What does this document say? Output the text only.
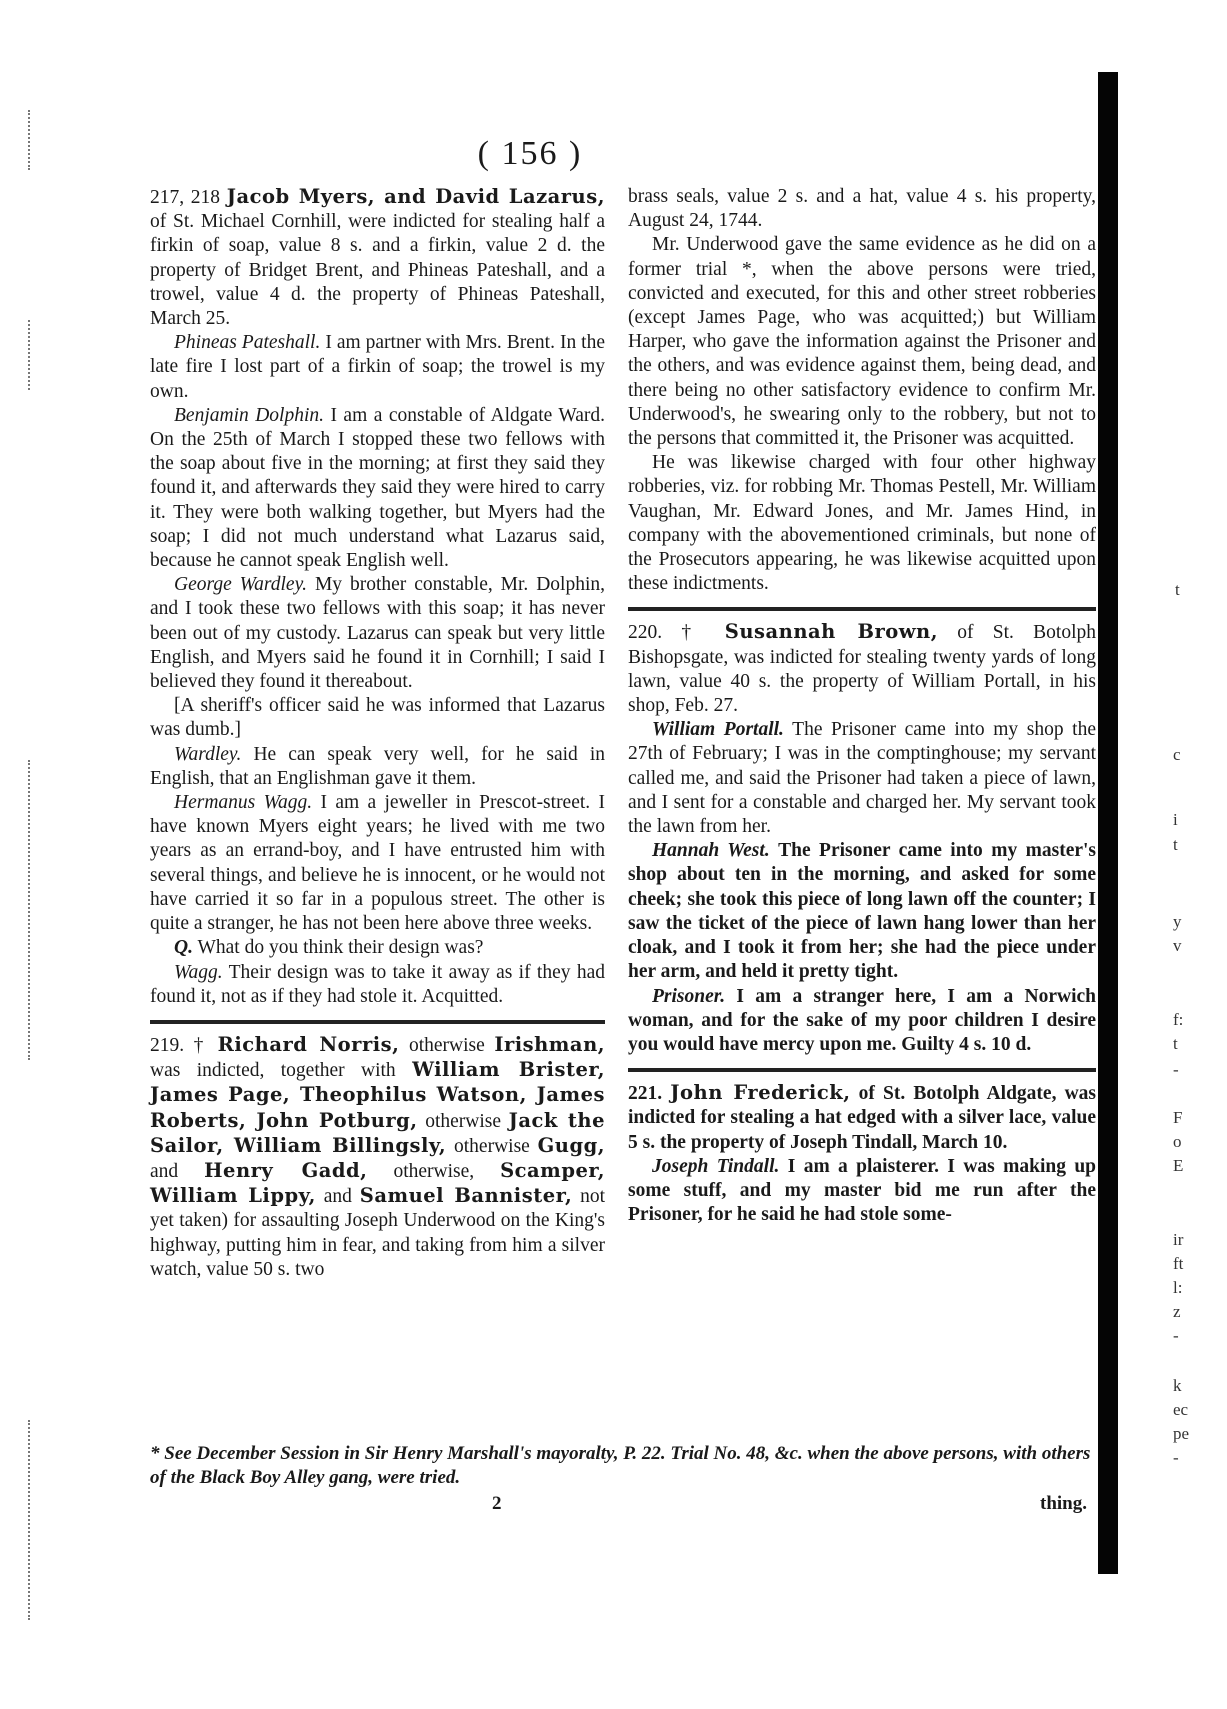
( 156 )

217, 218 Jacob Myers, and David Lazarus, of St. Michael Cornhill, were indicted for stealing half a firkin of soap, value 8 s. and a firkin, value 2 d. the property of Bridget Brent, and Phineas Pateshall, and a trowel, value 4 d. the property of Phineas Pateshall, March 25.

Phineas Pateshall. I am partner with Mrs. Brent. In the late fire I lost part of a firkin of soap; the trowel is my own.

Benjamin Dolphin. I am a constable of Aldgate Ward. On the 25th of March I stopped these two fellows with the soap about five in the morning; at first they said they found it, and afterwards they said they were hired to carry it. They were both walking together, but Myers had the soap; I did not much understand what Lazarus said, because he cannot speak English well.

George Wardley. My brother constable, Mr. Dolphin, and I took these two fellows with this soap; it has never been out of my custody. Lazarus can speak but very little English, and Myers said he found it in Cornhill; I said I believed they found it thereabout.

[A sheriff's officer said he was informed that Lazarus was dumb.]

Wardley. He can speak very well, for he said in English, that an Englishman gave it them.

Hermanus Wagg. I am a jeweller in Prescot-street. I have known Myers eight years; he lived with me two years as an errand-boy, and I have entrusted him with several things, and believe he is innocent, or he would not have carried it so far in a populous street. The other is quite a stranger, he has not been here above three weeks.

Q. What do you think their design was?

Wagg. Their design was to take it away as if they had found it, not as if they had stole it. Acquitted.

219. † Richard Norris, otherwise Irishman, was indicted, together with William Brister, James Page, Theophilus Watson, James Roberts, John Potburg, otherwise Jack the Sailor, William Billingsly, otherwise Gugg, and Henry Gadd, otherwise, Scamper, William Lippy, and Samuel Bannister, not yet taken) for assaulting Joseph Underwood on the King's highway, putting him in fear, and taking from him a silver watch, value 50 s. two

brass seals, value 2 s. and a hat, value 4 s. his property, August 24, 1744.

Mr. Underwood gave the same evidence as he did on a former trial *, when the above persons were tried, convicted and executed, for this and other street robberies (except James Page, who was acquitted;) but William Harper, who gave the information against the Prisoner and the others, and was evidence against them, being dead, and there being no other satisfactory evidence to confirm Mr. Underwood's, he swearing only to the robbery, but not to the persons that committed it, the Prisoner was acquitted.

He was likewise charged with four other highway robberies, viz. for robbing Mr. Thomas Pestell, Mr. William Vaughan, Mr. Edward Jones, and Mr. James Hind, in company with the abovementioned criminals, but none of the Prosecutors appearing, he was likewise acquitted upon these indictments.

220. † Susannah Brown, of St. Botolph Bishopsgate, was indicted for stealing twenty yards of long lawn, value 40 s. the property of William Portall, in his shop, Feb. 27.

William Portall. The Prisoner came into my shop the 27th of February; I was in the comptinghouse; my servant called me, and said the Prisoner had taken a piece of lawn, and I sent for a constable and charged her. My servant took the lawn from her.

Hannah West. The Prisoner came into my master's shop about ten in the morning, and asked for some cheek; she took this piece of long lawn off the counter; I saw the ticket of the piece of lawn hang lower than her cloak, and I took it from her; she had the piece under her arm, and held it pretty tight.

Prisoner. I am a stranger here, I am a Norwich woman, and for the sake of my poor children I desire you would have mercy upon me. Guilty 4 s. 10 d.

221. John Frederick, of St. Botolph Aldgate, was indicted for stealing a hat edged with a silver lace, value 5 s. the property of Joseph Tindall, March 10.

Joseph Tindall. I am a plaisterer. I was making up some stuff, and my master bid me run after the Prisoner, for he said he had stole some-

* See December Session in Sir Henry Marshall's mayoralty, P. 22. Trial No. 48, &c. when the above persons, with others of the Black Boy Alley gang, were tried.
2	thing.
t
c
i
t
y
v
f:
t
-
F
o
E
ir
ft
l:
z
-
k
ec
pe
-
